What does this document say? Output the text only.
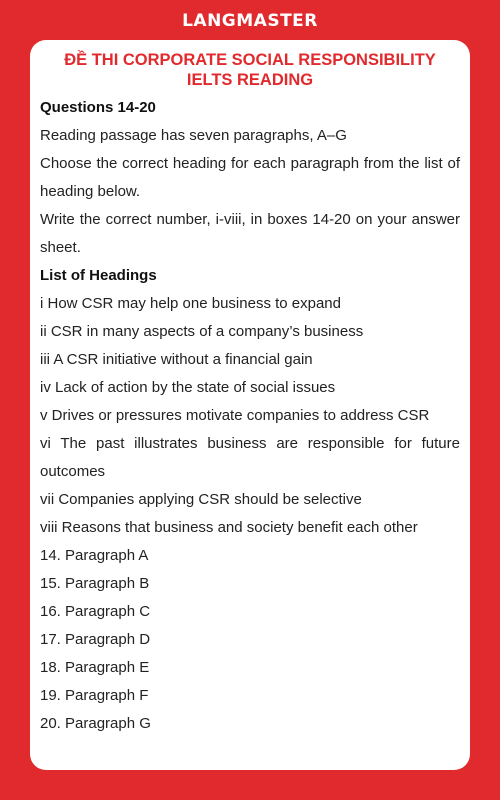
LANGMASTER
ĐỀ THI CORPORATE SOCIAL RESPONSIBILITY
IELTS READING

Questions 14-20

Reading passage has seven paragraphs, A–G

Choose the correct heading for each paragraph from the list of heading below.

Write the correct number, i-viii, in boxes 14-20 on your answer sheet.

List of Headings

i How CSR may help one business to expand

ii CSR in many aspects of a company’s business

iii A CSR initiative without a financial gain

iv Lack of action by the state of social issues

v Drives or pressures motivate companies to address CSR

vi The past illustrates business are responsible for future outcomes

vii Companies applying CSR should be selective

viii Reasons that business and society benefit each other

14. Paragraph A

15. Paragraph B

16. Paragraph C

17. Paragraph D

18. Paragraph E

19. Paragraph F

20. Paragraph G
